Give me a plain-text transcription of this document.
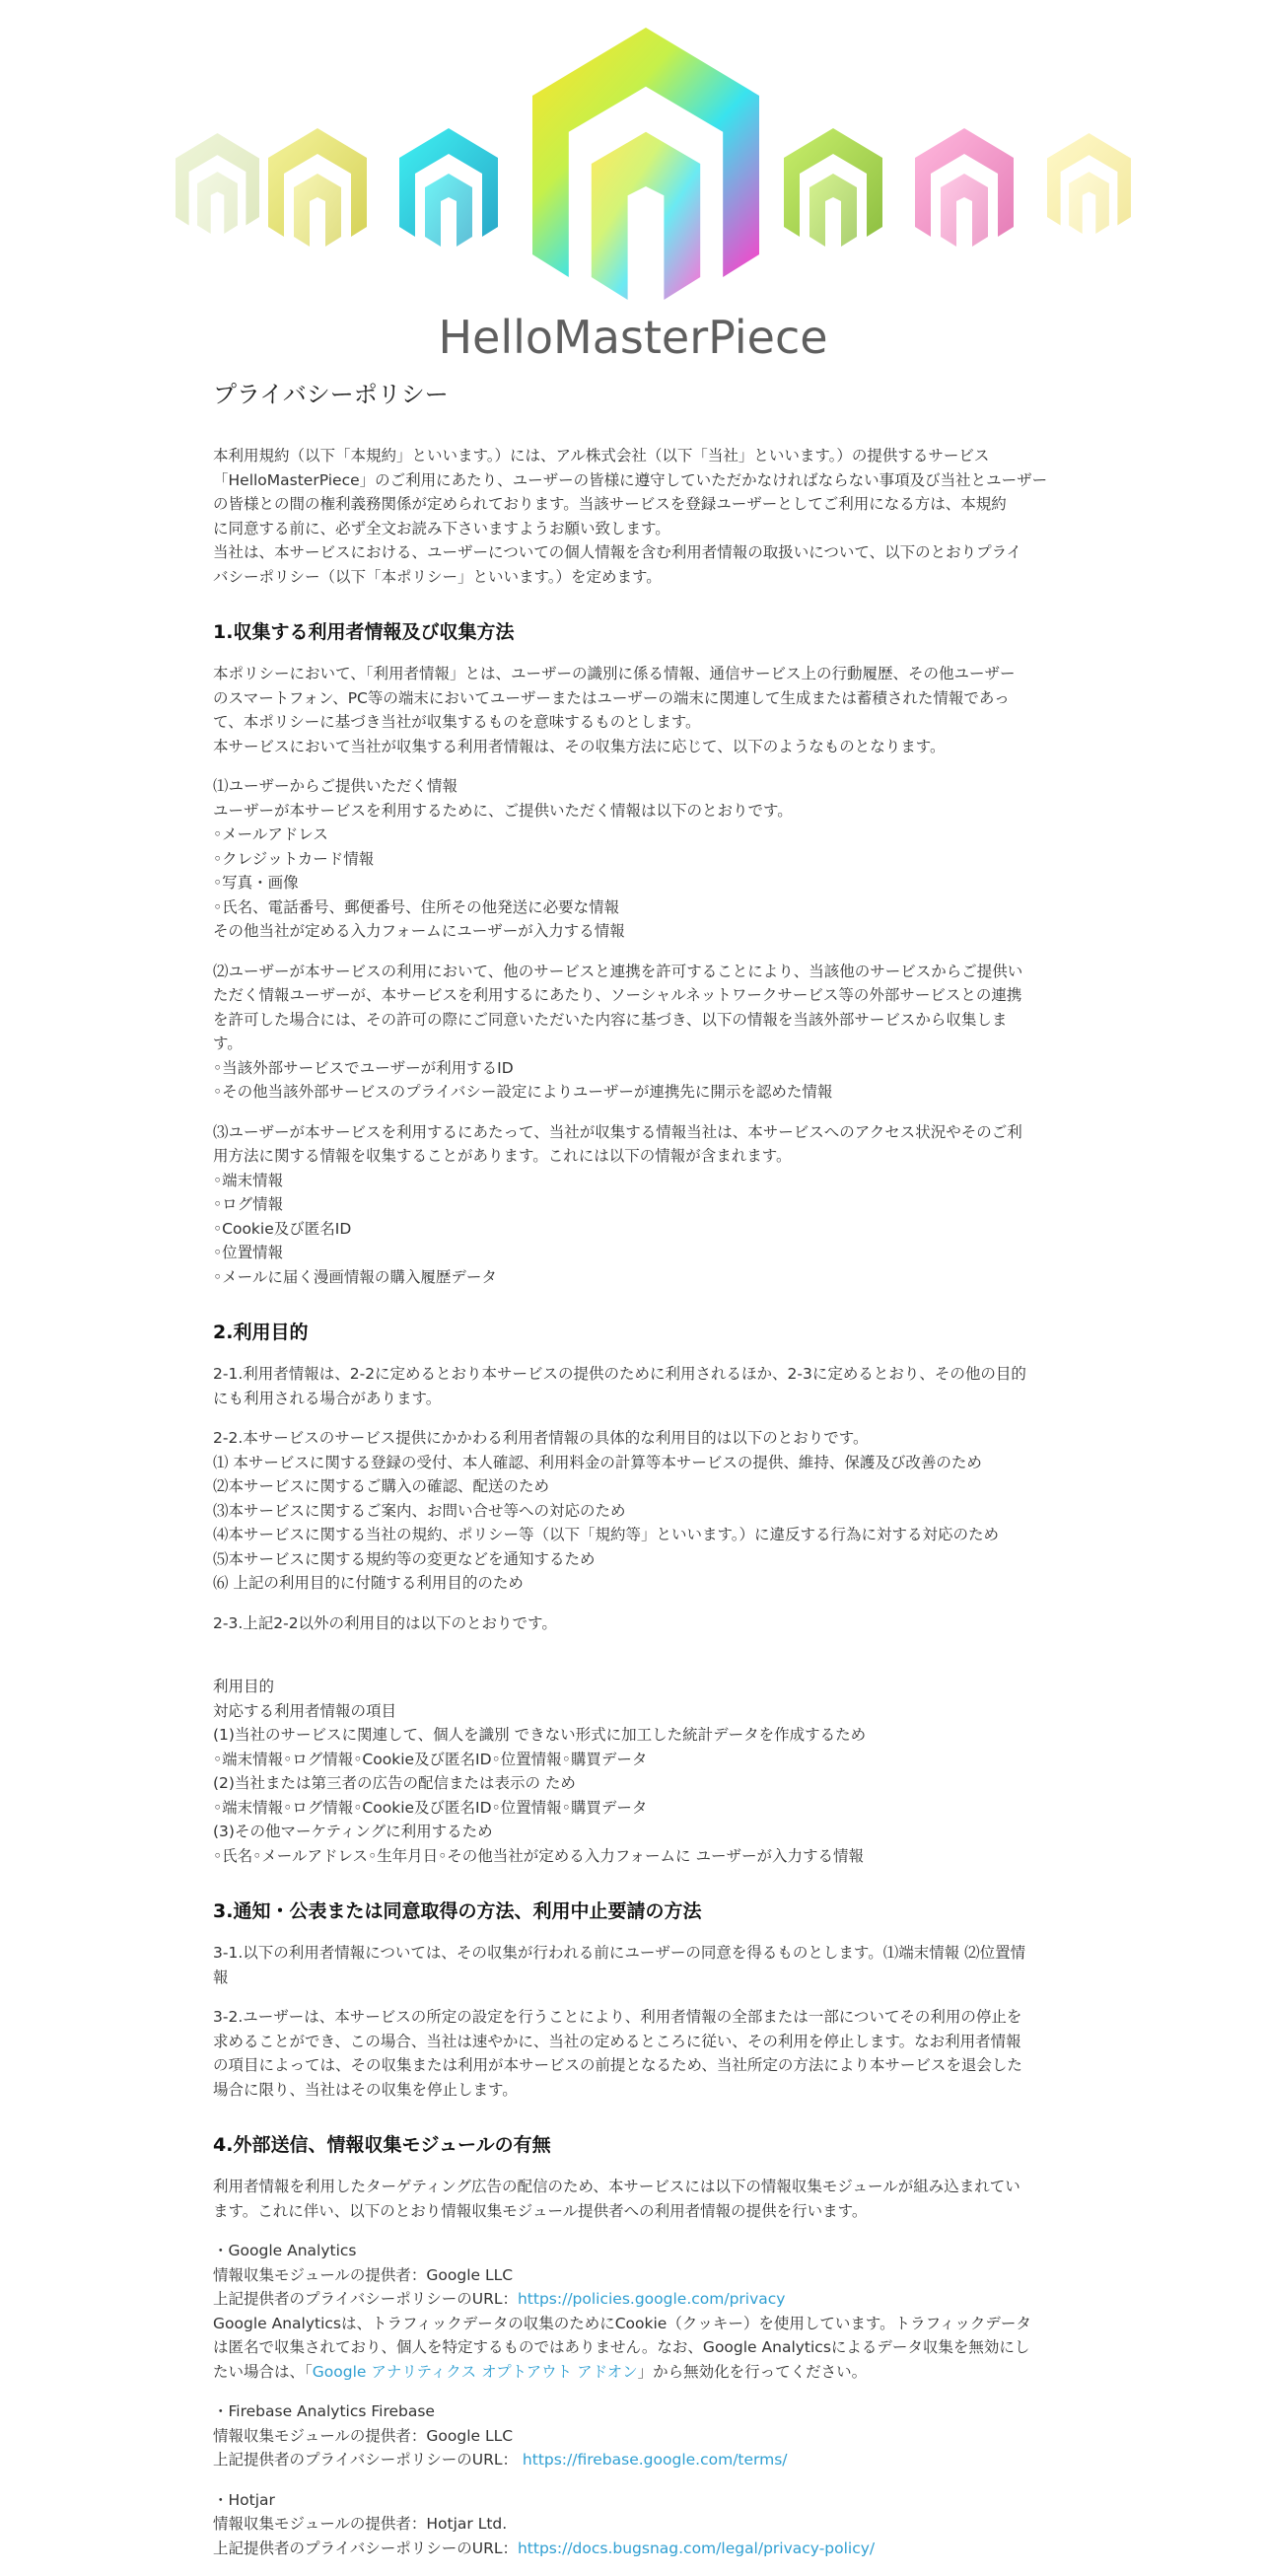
HelloMasterPiece
プライバシーポリシー
本利用規約（以下「本規約」といいます。）には、アル株式会社（以下「当社」といいます。）の提供するサービス
「HelloMasterPiece」のご利用にあたり、ユーザーの皆様に遵守していただかなければならない事項及び当社とユーザー
の皆様との間の権利義務関係が定められております。当該サービスを登録ユーザーとしてご利用になる方は、本規約
に同意する前に、必ず全文お読み下さいますようお願い致します。
当社は、本サービスにおける、ユーザーについての個人情報を含む利用者情報の取扱いについて、以下のとおりプライ
バシーポリシー（以下「本ポリシー」といいます。）を定めます。
1.収集する利用者情報及び収集方法
本ポリシーにおいて、「利用者情報」とは、ユーザーの識別に係る情報、通信サービス上の行動履歴、その他ユーザー
のスマートフォン、PC等の端末においてユーザーまたはユーザーの端末に関連して生成または蓄積された情報であっ
て、本ポリシーに基づき当社が収集するものを意味するものとします。
本サービスにおいて当社が収集する利用者情報は、その収集方法に応じて、以下のようなものとなります。
⑴ユーザーからご提供いただく情報
ユーザーが本サービスを利用するために、ご提供いただく情報は以下のとおりです。
◦メールアドレス
◦クレジットカード情報
◦写真・画像
◦氏名、電話番号、郵便番号、住所その他発送に必要な情報
その他当社が定める入力フォームにユーザーが入力する情報
⑵ユーザーが本サービスの利用において、他のサービスと連携を許可することにより、当該他のサービスからご提供い
ただく情報ユーザーが、本サービスを利用するにあたり、ソーシャルネットワークサービス等の外部サービスとの連携
を許可した場合には、その許可の際にご同意いただいた内容に基づき、以下の情報を当該外部サービスから収集しま
す。
◦当該外部サービスでユーザーが利用するID
◦その他当該外部サービスのプライバシー設定によりユーザーが連携先に開示を認めた情報
⑶ユーザーが本サービスを利用するにあたって、当社が収集する情報当社は、本サービスへのアクセス状況やそのご利
用方法に関する情報を収集することがあります。これには以下の情報が含まれます。
◦端末情報
◦ログ情報
◦Cookie及び匿名ID
◦位置情報
◦メールに届く漫画情報の購入履歴データ
2.利用目的
2-1.利用者情報は、2-2に定めるとおり本サービスの提供のために利用されるほか、2-3に定めるとおり、その他の目的
にも利用される場合があります。
2-2.本サービスのサービス提供にかかわる利用者情報の具体的な利用目的は以下のとおりです。
⑴ 本サービスに関する登録の受付、本人確認、利用料金の計算等本サービスの提供、維持、保護及び改善のため
⑵本サービスに関するご購入の確認、配送のため
⑶本サービスに関するご案内、お問い合せ等への対応のため
⑷本サービスに関する当社の規約、ポリシー等（以下「規約等」といいます。）に違反する行為に対する対応のため
⑸本サービスに関する規約等の変更などを通知するため
⑹ 上記の利用目的に付随する利用目的のため
2-3.上記2-2以外の利用目的は以下のとおりです。
利用目的
対応する利用者情報の項目
(1)当社のサービスに関連して、個人を識別 できない形式に加工した統計データを作成するため
◦端末情報◦ログ情報◦Cookie及び匿名ID◦位置情報◦購買データ
(2)当社または第三者の広告の配信または表示の ため
◦端末情報◦ログ情報◦Cookie及び匿名ID◦位置情報◦購買データ
(3)その他マーケティングに利用するため
◦氏名◦メールアドレス◦生年月日◦その他当社が定める入力フォームに ユーザーが入力する情報
3.通知・公表または同意取得の方法、利用中止要請の方法
3-1.以下の利用者情報については、その収集が行われる前にユーザーの同意を得るものとします。⑴端末情報 ⑵位置情
報
3-2.ユーザーは、本サービスの所定の設定を行うことにより、利用者情報の全部または一部についてその利用の停止を
求めることができ、この場合、当社は速やかに、当社の定めるところに従い、その利用を停止します。なお利用者情報
の項目によっては、その収集または利用が本サービスの前提となるため、当社所定の方法により本サービスを退会した
場合に限り、当社はその収集を停止します。
4.外部送信、情報収集モジュールの有無
利用者情報を利用したターゲティング広告の配信のため、本サービスには以下の情報収集モジュールが組み込まれてい
ます。これに伴い、以下のとおり情報収集モジュール提供者への利用者情報の提供を行います。
・Google Analytics
情報収集モジュールの提供者：Google LLC
上記提供者のプライバシーポリシーのURL：https://policies.google.com/privacy
Google Analyticsは、トラフィックデータの収集のためにCookie（クッキー）を使用しています。トラフィックデータ
は匿名で収集されており、個人を特定するものではありません。なお、Google Analyticsによるデータ収集を無効にし
たい場合は、「Google アナリティクス オプトアウト アドオン」から無効化を行ってください。
・Firebase Analytics Firebase
情報収集モジュールの提供者：Google LLC
上記提供者のプライバシーポリシーのURL： https://firebase.google.com/terms/
・Hotjar
情報収集モジュールの提供者：Hotjar Ltd.
上記提供者のプライバシーポリシーのURL：https://docs.bugsnag.com/legal/privacy-policy/
